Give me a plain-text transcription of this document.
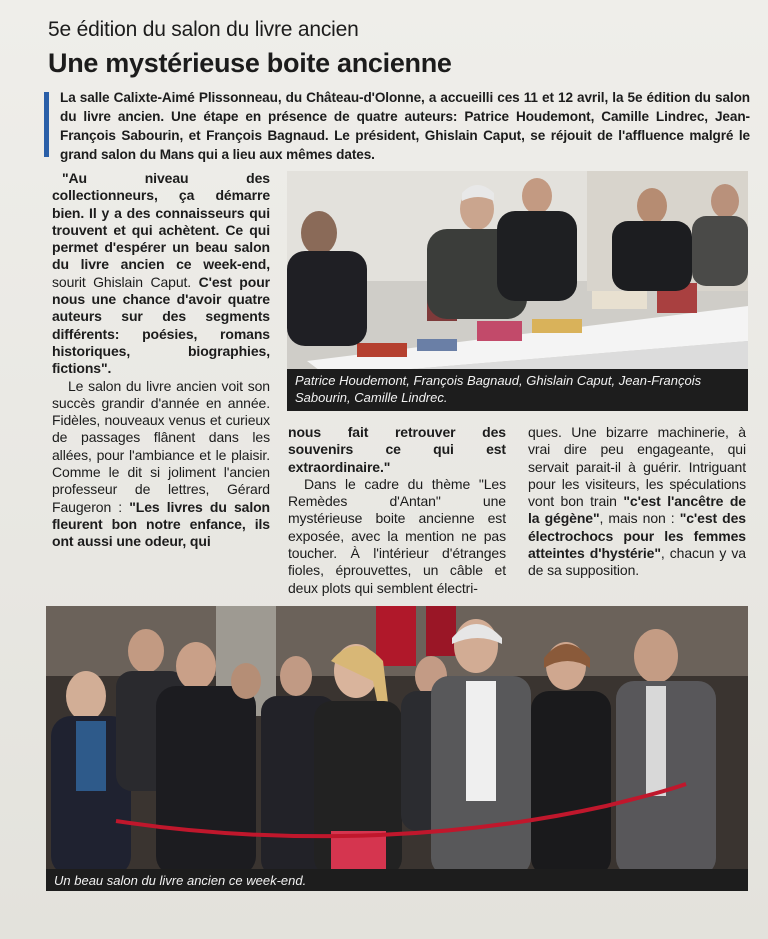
5e édition du salon du livre ancien
Une mystérieuse boite ancienne
La salle Calixte-Aimé Plissonneau, du Château-d'Olonne, a accueilli ces 11 et 12 avril, la 5e édition du salon du livre ancien. Une étape en présence de quatre auteurs: Patrice Houdemont, Camille Lindrec, Jean-François Sabourin, et François Bagnaud. Le président, Ghislain Caput, se réjouit de l'affluence malgré le grand salon du Mans qui a lieu aux mêmes dates.

"Au niveau des collectionneurs, ça démarre bien. Il y a des connaisseurs qui trouvent et qui achètent. Ce qui permet d'espérer un beau salon du livre ancien ce week-end, sourit Ghislain Caput. C'est pour nous une chance d'avoir quatre auteurs sur des segments différents: poésies, romans historiques, biographies, fictions".

Le salon du livre ancien voit son succès grandir d'année en année. Fidèles, nouveaux venus et curieux de passages flânent dans les allées, pour l'ambiance et le plaisir. Comme le dit si joliment l'ancien professeur de lettres, Gérard Faugeron : "Les livres du salon fleurent bon notre enfance, ils ont aussi une odeur, qui

Patrice Houdemont, François Bagnaud, Ghislain Caput, Jean-François Sabourin, Camille Lindrec.

nous fait retrouver des souvenirs ce qui est extraordinaire."

Dans le cadre du thème "Les Remèdes d'Antan" une mystérieuse boite ancienne est exposée, avec la mention ne pas toucher. À l'intérieur d'étranges fioles, éprouvettes, un câble et deux plots qui semblent électri-

ques. Une bizarre machinerie, à vrai dire peu engageante, qui servait parait-il à guérir. Intriguant pour les visiteurs, les spéculations vont bon train "c'est l'ancêtre de la gégène", mais non : "c'est des électrochocs pour les femmes atteintes d'hystérie", chacun y va de sa supposition.

Un beau salon du livre ancien ce week-end.
